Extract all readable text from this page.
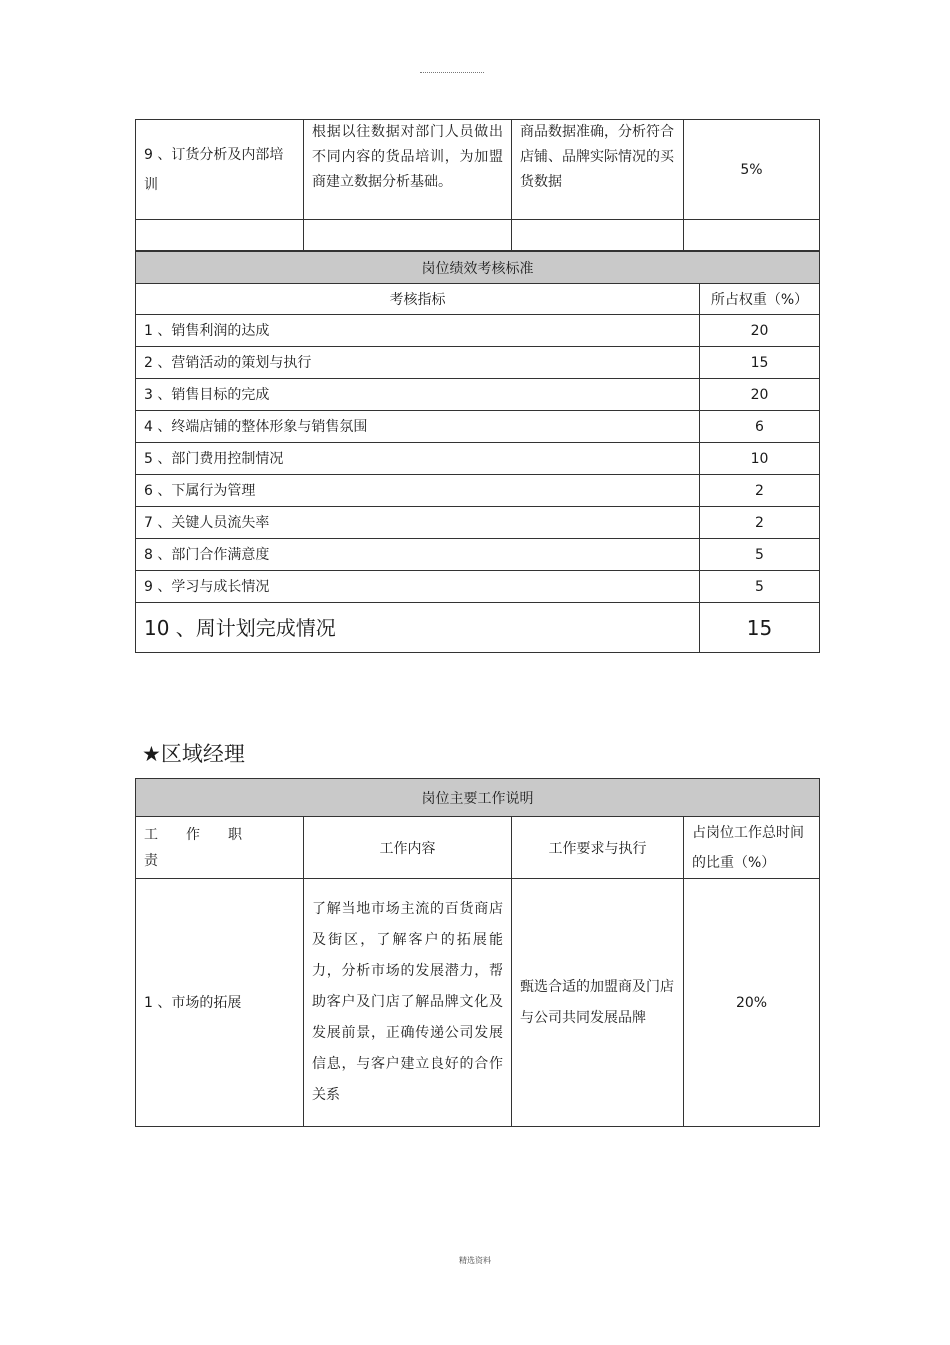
9 、订货分析及内部培训	根据以往数据对部门人员做出不同内容的货品培训，为加盟商建立数据分析基础。	商品数据准确，分析符合店铺、品牌实际情况的买货数据	5%

岗位绩效考核标准	
考核指标	所占权重（%）
1 、销售利润的达成	20
2 、营销活动的策划与执行	15
3 、销售目标的完成	20
4 、终端店铺的整体形象与销售氛围	6
5 、部门费用控制情况	10
6 、下属行为管理	2
7 、关键人员流失率	2
8 、部门合作满意度	5
9 、学习与成长情况	5
10 、周计划完成情况	15
★区域经理
岗位主要工作说明			
工 作 职责	工作内容	工作要求与执行	占岗位工作总时间的比重（%）
1 、市场的拓展	了解当地市场主流的百货商店及街区，了解客户的拓展能力，分析市场的发展潜力，帮助客户及门店了解品牌文化及发展前景，正确传递公司发展信息，与客户建立良好的合作关系	甄选合适的加盟商及门店与公司共同发展品牌	20%
精选资料
